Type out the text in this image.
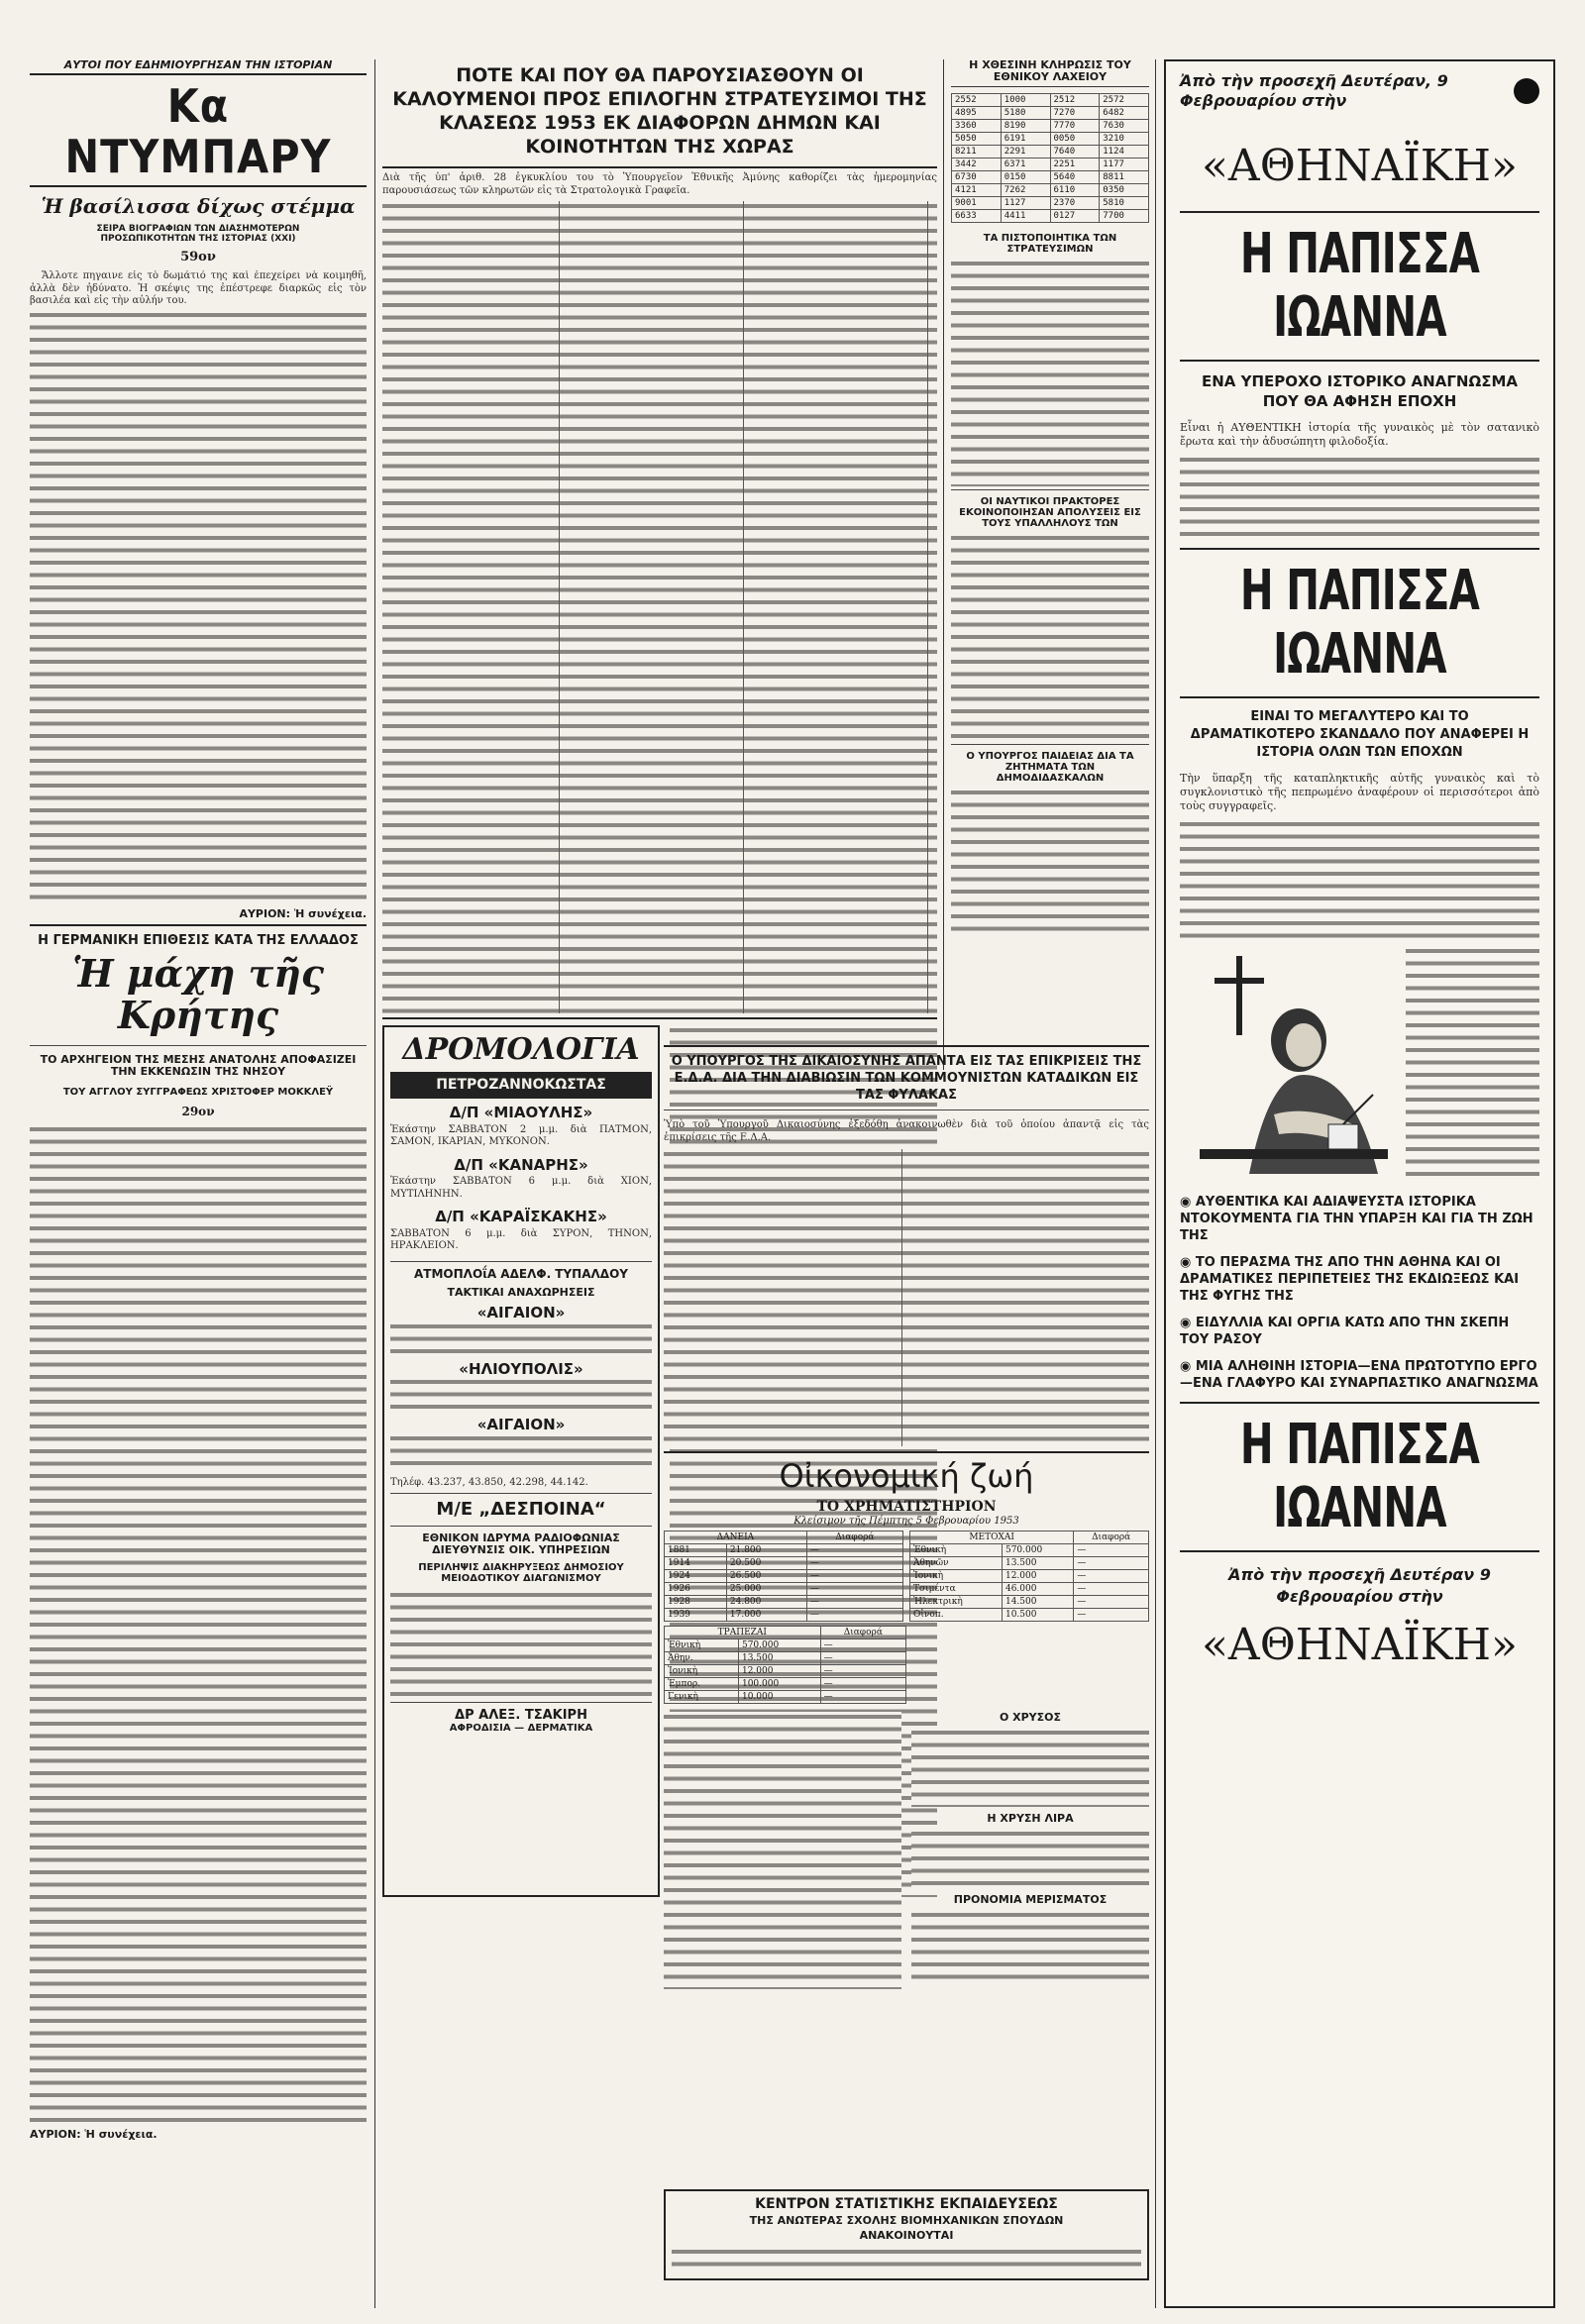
ΑΥΤΟΙ ΠΟΥ ΕΔΗΜΙΟΥΡΓΗΣΑΝ ΤΗΝ ΙΣΤΟΡΙΑΝ
Κα ΝΤΥΜΠΑΡΥ
Ἡ βασίλισσα δίχως στέμμα
ΣΕΙΡΑ ΒΙΟΓΡΑΦΙΩΝ ΤΩΝ ΔΙΑΣΗΜΟΤΕΡΩΝ ΠΡΟΣΩΠΙΚΟΤΗΤΩΝ ΤΗΣ ΙΣΤΟΡΙΑΣ (ΧΧΙ)
59ον

Ἄλλοτε πηγαινε εἰς τὸ δωμάτιό της καὶ ἐπεχείρει νὰ κοιμηθῆ, ἀλλὰ δὲν ἠδύνατο. Ἡ σκέψις της ἐπέστρεφε διαρκῶς εἰς τὸν βασιλέα καὶ εἰς τὴν αὐλήν του.

ΑΥΡΙΟΝ: Ἡ συνέχεια.
Η ΓΕΡΜΑΝΙΚΗ ΕΠΙΘΕΣΙΣ ΚΑΤΑ ΤΗΣ ΕΛΛΑΔΟΣ
Ἡ μάχη τῆς Κρήτης
ΤΟ ΑΡΧΗΓΕΙΟΝ ΤΗΣ ΜΕΣΗΣ ΑΝΑΤΟΛΗΣ ΑΠΟΦΑΣΙΖΕΙ ΤΗΝ ΕΚΚΕΝΩΣΙΝ ΤΗΣ ΝΗΣΟΥ
ΤΟΥ ΑΓΓΛΟΥ ΣΥΓΓΡΑΦΕΩΣ ΧΡΙΣΤΟΦΕΡ ΜΟΚΚΛΕΫ
29ον
ΑΥΡΙΟΝ: Ἡ συνέχεια.
ΠΟΤΕ ΚΑΙ ΠΟΥ ΘΑ ΠΑΡΟΥΣΙΑΣΘΟΥΝ ΟΙ ΚΑΛΟΥΜΕΝΟΙ ΠΡΟΣ ΕΠΙΛΟΓΗΝ ΣΤΡΑΤΕΥΣΙΜΟΙ ΤΗΣ ΚΛΑΣΕΩΣ 1953 ΕΚ ΔΙΑΦΟΡΩΝ ΔΗΜΩΝ ΚΑΙ ΚΟΙΝΟΤΗΤΩΝ ΤΗΣ ΧΩΡΑΣ

Διὰ τῆς ὑπ' ἀριθ. 28 ἐγκυκλίου του τὸ Ὑπουργεῖον Ἐθνικῆς Ἀμύνης καθορίζει τὰς ἡμερομηνίας παρουσιάσεως τῶν κληρωτῶν εἰς τὰ Στρατολογικὰ Γραφεῖα.

ΔΡΟΜΟΛΟΓΙΑ
ΠΕΤΡΟΖΑΝΝΟΚΩΣΤΑΣ
Δ/Π «ΜΙΑΟΥΛΗΣ»

Ἐκάστην ΣΑΒΒΑΤΟΝ 2 μ.μ. διὰ ΠΑΤΜΟΝ, ΣΑΜΟΝ, ΙΚΑΡΙΑΝ, ΜΥΚΟΝΟΝ.

Δ/Π «ΚΑΝΑΡΗΣ»

Ἐκάστην ΣΑΒΒΑΤΟΝ 6 μ.μ. διὰ ΧΙΟΝ, ΜΥΤΙΛΗΝΗΝ.

Δ/Π «ΚΑΡΑΪΣΚΑΚΗΣ»

ΣΑΒΒΑΤΟΝ 6 μ.μ. διὰ ΣΥΡΟΝ, ΤΗΝΟΝ, ΗΡΑΚΛΕΙΟΝ.

ΑΤΜΟΠΛΟΐΑ ΑΔΕΛΦ. ΤΥΠΑΛΔΟΥ
ΤΑΚΤΙΚΑΙ ΑΝΑΧΩΡΗΣΕΙΣ
«ΑΙΓΑΙΟΝ»
«ΗΛΙΟΥΠΟΛΙΣ»
«ΑΙΓΑΙΟΝ»

Τηλέφ. 43.237, 43.850, 42.298, 44.142.

Μ/Ε „ΔΕΣΠΟΙΝΑ“
ΕΘΝΙΚΟΝ ΙΔΡΥΜΑ ΡΑΔΙΟΦΩΝΙΑΣ ΔΙΕΥΘΥΝΣΙΣ ΟΙΚ. ΥΠΗΡΕΣΙΩΝ
ΠΕΡΙΛΗΨΙΣ ΔΙΑΚΗΡΥΞΕΩΣ ΔΗΜΟΣΙΟΥ ΜΕΙΟΔΟΤΙΚΟΥ ΔΙΑΓΩΝΙΣΜΟΥ
ΔΡ ΑΛΕΞ. ΤΣΑΚΙΡΗ
ΑΦΡΟΔΙΣΙΑ — ΔΕΡΜΑΤΙΚΑ
Η ΧΘΕΣΙΝΗ ΚΛΗΡΩΣΙΣ ΤΟΥ ΕΘΝΙΚΟΥ ΛΑΧΕΙΟΥ
2552	1000	2512	2572
4895	5180	7270	6482
3360	8190	7770	7630
5050	6191	0050	3210
8211	2291	7640	1124
3442	6371	2251	1177
6730	0150	5640	8811
4121	7262	6110	0350
9001	1127	2370	5810
6633	4411	0127	7700
ΤΑ ΠΙΣΤΟΠΟΙΗΤΙΚΑ ΤΩΝ ΣΤΡΑΤΕΥΣΙΜΩΝ
ΟΙ ΝΑΥΤΙΚΟΙ ΠΡΑΚΤΟΡΕΣ ΕΚΟΙΝΟΠΟΙΗΣΑΝ ΑΠΟΛΥΣΕΙΣ ΕΙΣ ΤΟΥΣ ΥΠΑΛΛΗΛΟΥΣ ΤΩΝ
Ο ΥΠΟΥΡΓΟΣ ΠΑΙΔΕΙΑΣ ΔΙΑ ΤΑ ΖΗΤΗΜΑΤΑ ΤΩΝ ΔΗΜΟΔΙΔΑΣΚΑΛΩΝ
Ο ΥΠΟΥΡΓΟΣ ΤΗΣ ΔΙΚΑΙΟΣΥΝΗΣ ΑΠΑΝΤΑ ΕΙΣ ΤΑΣ ΕΠΙΚΡΙΣΕΙΣ ΤΗΣ Ε.Δ.Α. ΔΙΑ ΤΗΝ ΔΙΑΒΙΩΣΙΝ ΤΩΝ ΚΟΜΜΟΥΝΙΣΤΩΝ ΚΑΤΑΔΙΚΩΝ ΕΙΣ ΤΑΣ ΦΥΛΑΚΑΣ

Ὑπὸ τοῦ Ὑπουργοῦ Δικαιοσύνης ἐξεδόθη ἀνακοινωθὲν διὰ τοῦ ὁποίου ἀπαντᾷ εἰς τὰς ἐπικρίσεις τῆς Ε.Δ.Α.

Οἰκονομική ζωή
ΤΟ ΧΡΗΜΑΤΙΣΤΗΡΙΟΝ
Κλείσιμον τῆς Πέμπτης 5 Φεβρουαρίου 1953
ΔΑΝΕΙΑ		Διαφορά
1881	21.800	—
1914	20.500	—
1924	26.500	—
1926	25.000	—
1928	24.800	—
1939	17.000	—
ΜΕΤΟΧΑΙ		Διαφορά
Ἐθνικὴ	570.000	—
Ἀθηνῶν	13.500	—
Ἰονικὴ	12.000	—
Τσιμέντα	46.000	—
Ἠλεκτρικὴ	14.500	—
Οἰνοπ.	10.500	—
ΤΡΑΠΕΖΑΙ		Διαφορά
Ἐθνικὴ	570.000	—
Ἀθην.	13.500	—
Ἰονικὴ	12.000	—
Ἐμπορ.	100.000	—
Γενικὴ	10.000	—
Ο ΧΡΥΣΟΣ
Η ΧΡΥΣΗ ΛΙΡΑ
ΠΡΟΝΟΜΙΑ ΜΕΡΙΣΜΑΤΟΣ
ΚΕΝΤΡΟΝ ΣΤΑΤΙΣΤΙΚΗΣ ΕΚΠΑΙΔΕΥΣΕΩΣ
ΤΗΣ ΑΝΩΤΕΡΑΣ ΣΧΟΛΗΣ ΒΙΟΜΗΧΑΝΙΚΩΝ ΣΠΟΥΔΩΝ
ΑΝΑΚΟΙΝΟΥΤΑΙ
Ἀπὸ τὴν προσεχῆ Δευτέραν, 9 Φεβρουαρίου στὴν
«ΑΘΗΝΑΪΚΗ»
Η ΠΑΠΙΣΣΑ ΙΩΑΝΝΑ
ΕΝΑ ΥΠΕΡΟΧΟ ΙΣΤΟΡΙΚΟ ΑΝΑΓΝΩΣΜΑ ΠΟΥ ΘΑ ΑΦΗΣΗ ΕΠΟΧΗ

Εἶναι ἡ ΑΥΘΕΝΤΙΚΗ ἱστορία τῆς γυναικὸς μὲ τὸν σατανικὸ ἔρωτα καὶ τὴν ἀδυσώπητη φιλοδοξία.

Η ΠΑΠΙΣΣΑ ΙΩΑΝΝΑ
ΕΙΝΑΙ ΤΟ ΜΕΓΑΛΥΤΕΡΟ ΚΑΙ ΤΟ ΔΡΑΜΑΤΙΚΟΤΕΡΟ ΣΚΑΝΔΑΛΟ ΠΟΥ ΑΝΑΦΕΡΕΙ Η ΙΣΤΟΡΙΑ ΟΛΩΝ ΤΩΝ ΕΠΟΧΩΝ

Τὴν ὕπαρξη τῆς καταπληκτικῆς αὐτῆς γυναικὸς καὶ τὸ συγκλονιστικὸ τῆς πεπρωμένο ἀναφέρουν οἱ περισσότεροι ἀπὸ τοὺς συγγραφεῖς.

◉ ΑΥΘΕΝΤΙΚΑ ΚΑΙ ΑΔΙΑΨΕΥΣΤΑ ΙΣΤΟΡΙΚΑ ΝΤΟΚΟΥΜΕΝΤΑ ΓΙΑ ΤΗΝ ΥΠΑΡΞΗ ΚΑΙ ΓΙΑ ΤΗ ΖΩΗ ΤΗΣ
◉ ΤΟ ΠΕΡΑΣΜΑ ΤΗΣ ΑΠΟ ΤΗΝ ΑΘΗΝΑ ΚΑΙ ΟΙ ΔΡΑΜΑΤΙΚΕΣ ΠΕΡΙΠΕΤΕΙΕΣ ΤΗΣ ΕΚΔΙΩΞΕΩΣ ΚΑΙ ΤΗΣ ΦΥΓΗΣ ΤΗΣ
◉ ΕΙΔΥΛΛΙΑ ΚΑΙ ΟΡΓΙΑ ΚΑΤΩ ΑΠΟ ΤΗΝ ΣΚΕΠΗ ΤΟΥ ΡΑΣΟΥ
◉ ΜΙΑ ΑΛΗΘΙΝΗ ΙΣΤΟΡΙΑ—ΕΝΑ ΠΡΩΤΟΤΥΠΟ ΕΡΓΟ—ΕΝΑ ΓΛΑΦΥΡΟ ΚΑΙ ΣΥΝΑΡΠΑΣΤΙΚΟ ΑΝΑΓΝΩΣΜΑ
Η ΠΑΠΙΣΣΑ ΙΩΑΝΝΑ
Ἀπὸ τὴν προσεχῆ Δευτέραν 9 Φεβρουαρίου στὴν
«ΑΘΗΝΑΪΚΗ»
